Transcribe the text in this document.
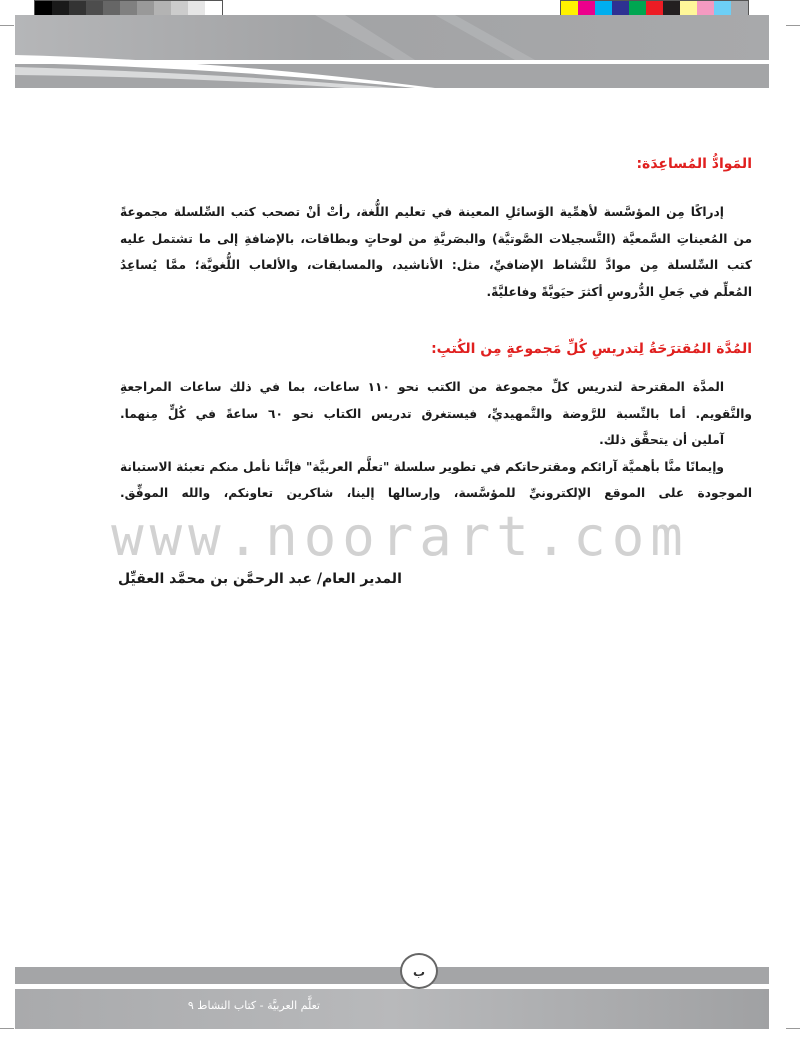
المَوادُّ المُساعِدَة:
إدراكًا مِن المؤسَّسة لأهمِّية الوَسائلِ المعينة في تعليم اللُّغة، رأتْ أنْ تصحب كتب السِّلسلة مجموعةً
من المُعيناتِ السَّمعيَّة (التَّسجيلات الصَّوتيَّة) والبصَريَّةِ من لوحاتٍ وبطاقات، بالإضافةِ إلى ما تشتمل عليه
كتب السِّلسلة مِن موادَّ للنَّشاط الإضافيِّ، مثل: الأناشيد، والمسابقات، والألعاب اللُّغويَّة؛ ممَّا يُساعِدُ
المُعلِّم في جَعلِ الدُّروسِ أكثرَ حيَويَّةً وفاعليَّةً.
المُدَّة المُقترَحَةُ لِتدريسِ كُلِّ مَجموعةٍ مِن الكُتبِ:
المدَّة المقترحة لتدريس كلِّ مجموعة من الكتب نحو ١١٠ ساعات، بما في ذلك ساعات المراجعةِ
والتَّقويم. أما بالنِّسبة للرَّوضة والتَّمهيديِّ، فيستغرق تدريس الكتاب نحو ٦٠ ساعةً في كُلٍّ مِنهما.
آملين أن يتحقَّق ذلك.
وإيمانًا منَّا بأهميَّة آرائكم ومقترحاتكم في تطوير سلسلة "تعلَّم العربيَّة" فإنَّنا نأمل منكم تعبئة الاستبانة
الموجودة على الموقع الإلكترونيِّ للمؤسَّسة، وإرسالها إلينا، شاكرين تعاونكم، والله الموفِّق.
www.noorart.com
المدير العام/ عبد الرحمَّن بن محمَّد العقيِّل
ب
تعلَّم العربيَّة - كتاب النشاط ٩
